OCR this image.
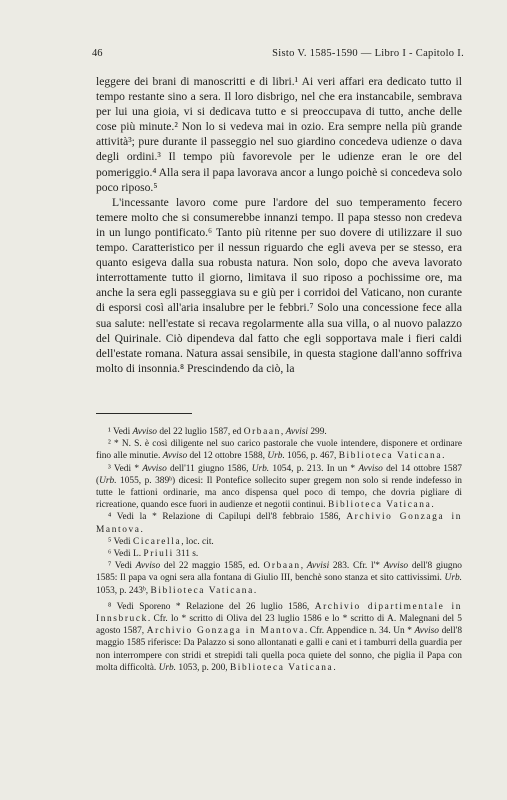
46	Sisto V. 1585-1590 — Libro I - Capitolo I.

leggere dei brani di manoscritti e di libri.¹ Ai veri affari era dedicato tutto il tempo restante sino a sera. Il loro disbrigo, nel che era instancabile, sembrava per lui una gioia, vi si dedicava tutto e si preoccupava di tutto, anche delle cose più minute.² Non lo si vedeva mai in ozio. Era sempre nella più grande attività³; pure durante il passeggio nel suo giardino concedeva udienze o dava degli ordini.³ Il tempo più favorevole per le udienze eran le ore del pomeriggio.⁴ Alla sera il papa lavorava ancor a lungo poichè si concedeva solo poco riposo.⁵

L'incessante lavoro come pure l'ardore del suo temperamento fecero temere molto che si consumerebbe innanzi tempo. Il papa stesso non credeva in un lungo pontificato.⁶ Tanto più ritenne per suo dovere di utilizzare il suo tempo. Caratteristico per il nessun riguardo che egli aveva per se stesso, era quanto esigeva dalla sua robusta natura. Non solo, dopo che aveva lavorato interrottamente tutto il giorno, limitava il suo riposo a pochissime ore, ma anche la sera egli passeggiava su e giù per i corridoi del Vaticano, non curante di esporsi così all'aria insalubre per le febbri.⁷ Solo una concessione fece alla sua salute: nell'estate si recava regolarmente alla sua villa, o al nuovo palazzo del Quirinale. Ciò dipendeva dal fatto che egli sopportava male i fieri caldi dell'estate romana. Natura assai sensibile, in questa stagione dall'anno soffriva molto di insonnia.⁸ Prescindendo da ciò, la

¹ Vedi Avviso del 22 luglio 1587, ed Orbaan, Avvisi 299.

² * N. S. è così diligente nel suo carico pastorale che vuole intendere, disponere et ordinare fino alle minutie. Avviso del 12 ottobre 1588, Urb. 1056, p. 467, Biblioteca Vaticana.

³ Vedi * Avviso dell'11 giugno 1586, Urb. 1054, p. 213. In un * Avviso del 14 ottobre 1587 (Urb. 1055, p. 389ᵇ) dicesi: Il Pontefice sollecito super gregem non solo si rende indefesso in tutte le fattioni ordinarie, ma anco dispensa quel poco di tempo, che dovria pigliare di ricreatione, quando esce fuori in audienze et negotii continui. Biblioteca Vaticana.

⁴ Vedi la * Relazione di Capilupi dell'8 febbraio 1586, Archivio Gonzaga in Mantova.

⁵ Vedi Cicarella, loc. cit.

⁶ Vedi L. Priuli 311 s.

⁷ Vedi Avviso del 22 maggio 1585, ed. Orbaan, Avvisi 283. Cfr. l'* Avviso dell'8 giugno 1585: Il papa va ogni sera alla fontana di Giulio III, benchè sono stanza et sito cattivissimi. Urb. 1053, p. 243ᵇ, Biblioteca Vaticana.

⁸ Vedi Sporeno * Relazione del 26 luglio 1586, Archivio dipartimentale in Innsbruck. Cfr. lo * scritto di Oliva del 23 luglio 1586 e lo * scritto di A. Malegnani del 5 agosto 1587, Archivio Gonzaga in Mantova. Cfr. Appendice n. 34. Un * Avviso dell'8 maggio 1585 riferisce: Da Palazzo si sono allontanati e galli e cani et i tamburri della guardia per non interrompere con stridi et strepidi tali quella poca quiete del sonno, che piglia il Papa con molta difficoltà. Urb. 1053, p. 200, Biblioteca Vaticana.
